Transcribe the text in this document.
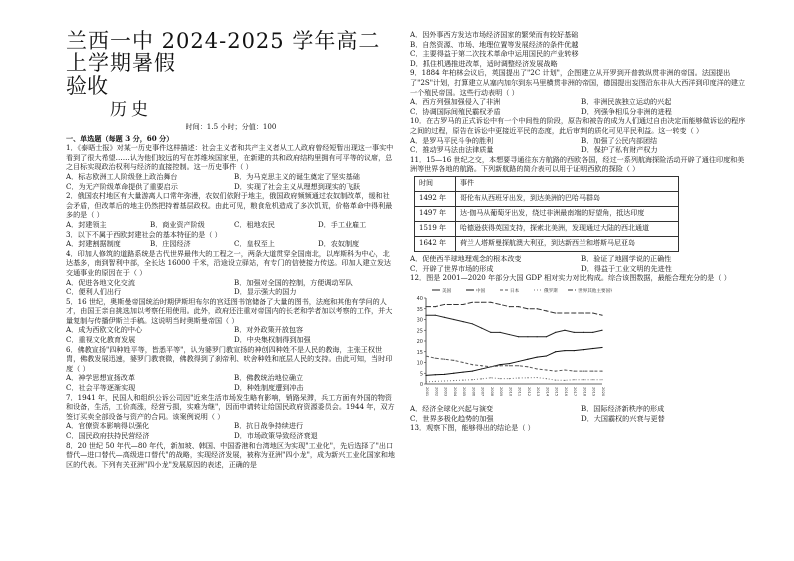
兰西一中 2024-2025 学年高二上学期暑假
验收
历史
时间：1.5 小时；分值：100
一、单选题（每题 3 分，60 分）

1．《泰晤士报》对某一历史事件这样描述：社会主义者和共产主义者从工人政府曾经短暂出现这一事实中看到了很大希望……认为他们较远的写在苏维埃国家里，在新建的共和政府结构里拥有可平等的议席，总之目标实现政治权利与经济的直接控制。这一历史事件（ ）

A．标志欧洲工人阶级登上政治舞台	B．为马克思主义的诞生奠定了坚实基础
C．为无产阶级革命提供了重要启示	D．实现了社会主义从理想到现实的飞跃

2．俄国农村地区有大量游离人口常年弥漫，农奴们依附于地主，俄国政府频频通过农奴制改革，缓和社会矛盾，但改革后的地主仍然把持着基层政权。由此可见，粮食危机造成了多次饥荒，价格革命中得利最多的是（ ）

A．封建领主	B．商业资产阶级	C．租地农民	D．手工业雇工

3．以下不属于西欧封建社会的基本特征的是（ ）

A．封建割据制度	B．庄园经济	C．皇权至上	D．农奴制度

4．印加人修筑的道路系统是古代世界最伟大的工程之一，两条大道贯穿全国南北，以库斯科为中心，北达基多，南到智利中部，全长达 16000 千米，沿途设立驿站，有专门的信使接力传送。印加人建立发达交通事业的原因在于（ ）

A．促进各地文化交流	B．加强对全国的控制，方便调动军队
C．便利人们出行	D．显示强大的国力

5．16 世纪，奥斯曼帝国统治时期伊斯坦布尔的宫廷图书馆储备了大量的图书，法庭和其他有学问的人才，由国王亲自挑选加以考察任用使用。此外，政府还注重对帝国内的长老和学者加以考察的工作，并大量复制与传播伊斯兰手稿。这说明当时奥斯曼帝国（ ）

A．成为西欧文化的中心	B．对外政策开放包容
C．重视文化教育发展	D．中央集权制得到加强

6．佛教宣扬"四种姓平等，皆悉平等"，认为婆罗门教宣扬的神创四种姓不是人民的教诲，主张王权世胄，佛教发展迅速，婆罗门教衰微，佛教得到了刹帝利、吠舍种姓和底层人民的支持。由此可知，当时印度（ ）

A．神学思想宣扬改革	B．佛教统治地位确立
C．社会平等逐渐实现	D．种姓制度遭到冲击

7．1941 年，民国人和组织公诉公司因"近来生活市场发生略有影响，销路呆滞，兵工方面有外国的物资和设备，生活，工价高涨，经营亏损，实难为继"，因而申请转让给国民政府资源委员会。1944 年，双方签订买卖全部设备与资产的合同。该案例说明（ ）

A．官僚资本影响得以强化	B．抗日战争持续进行
C．国民政府扶持民营经济	D．市场政策导致经济衰退

8．20 世纪 50 年代—80 年代，新加坡、韩国、中国香港和台湾地区为实现"工业化"，先后选择了"出口替代—进口替代—高级进口替代"的战略，实现经济发展，被称为亚洲"四小龙"，成为新兴工业化国家和地区的代表。下列有关亚洲"四小龙"发展原因的表述，正确的是

A．因外事西方发达市场经济国家的繁荣而有较好基础
B．自然资源、市场、地理位置等发展经济的条件优越
C．主要得益于第二次技术革命中运用国民的产业转移
D．抓住机遇推进改革，适时调整经济发展战略

9．1884 年柏林会议后，英国提出了"2C 计划"，企图建立从开罗到开普敦纵贯非洲的帝国。法国提出了"2S"计划，打算建立从塞内加尔到东马里横贯非洲的帝国，德国提出妄图沿东非从大西洋到印度洋的建立一个殖民帝国。这些行动表明（ ）

A．西方列强加强侵入了非洲	B．非洲民族独立运动的兴起
C．协调国际间殖民霸权矛盾	D．列强争相瓜分非洲的进程

10．在古罗马的正式诉讼中有一个中间性的阶段，原告和被告的成为人们通过自由决定而能够做诉讼的程序之间的过程，原告在诉讼中更接近平民的态度，此后审判的质化可见平民利益。这一转变（ ）

A．是罗马平民斗争的胜利	B．加强了公民内部团结
C．推动罗马法由法律质量	D．保护了私有财产权力

11．15—16 世纪之交，本想要寻通往东方航路的西欧各国，经过一系列航海探险活动开辟了通往印度和美洲等世界各地的航路。下列新航路的简介表可以用于证明西欧的探险（ ）

时间	事件
1492 年	哥伦布从西班牙出发，到达美洲的巴哈马群岛
1497 年	达·伽马从葡萄牙出发，绕过非洲最南端的好望角，抵达印度
1519 年	哈德逊获得英国支持，探索北美洲，发现通过大陆的西北通道
1642 年	荷兰人塔斯曼探航澳大利亚，到达新西兰和塔斯马尼亚岛
A．促使西半球地理观念的根本改变	B．验证了地圆学说的正确性
C．开辟了世界市场的形成	D．得益于工业文明的先进性

12．图是 2001—2020 年部分大国 GDP 相对实力对比构成。综合该图数据，最能合理充分的是（ ）

0
5
10
15
20
25
30
35
40
2001 2002 2003 2004 2005 2006 2007 2008 2009 2010 2011 2012 2013 2014 2015 2016 2017 2018 2019 2020
美国	中国	日本	俄罗斯	世界其他主要国家
A．经济全球化兴起与演变	B．国际经济新秩序的形成
C．世界多极化趋势的加强	D．大国霸权的兴衰与更替

13．观察下图，能够得出的结论是（ ）
